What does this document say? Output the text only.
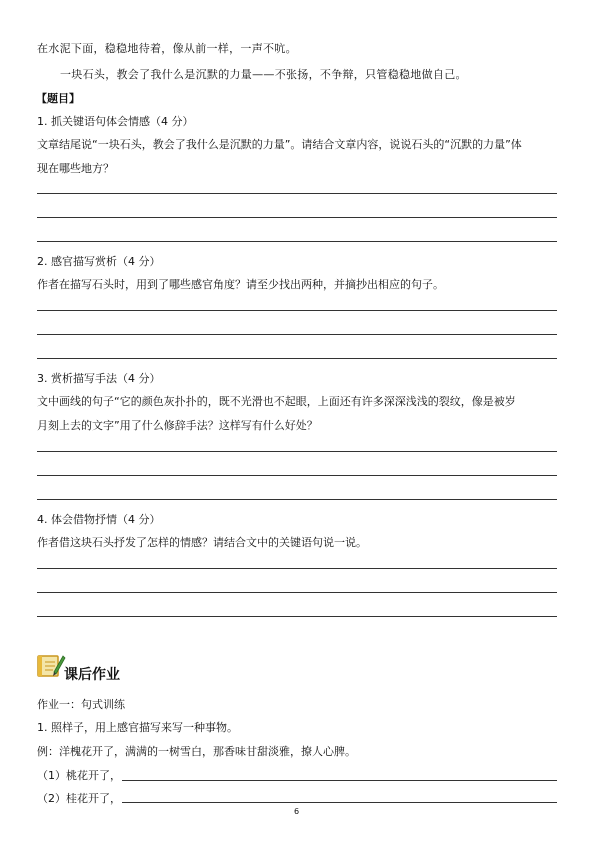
在水泥下面，稳稳地待着，像从前一样，一声不吭。
一块石头，教会了我什么是沉默的力量——不张扬，不争辩，只管稳稳地做自己。
【题目】
1. 抓关键语句体会情感（4 分）
文章结尾说“一块石头，教会了我什么是沉默的力量”。请结合文章内容，说说石头的“沉默的力量”体
现在哪些地方？
2. 感官描写赏析（4 分）
作者在描写石头时，用到了哪些感官角度？请至少找出两种，并摘抄出相应的句子。
3. 赏析描写手法（4 分）
文中画线的句子“它的颜色灰扑扑的，既不光滑也不起眼，上面还有许多深深浅浅的裂纹，像是被岁
月刻上去的文字”用了什么修辞手法？这样写有什么好处？
4. 体会借物抒情（4 分）
作者借这块石头抒发了怎样的情感？请结合文中的关键语句说一说。
课后作业
作业一：句式训练
1. 照样子，用上感官描写来写一种事物。
例：洋槐花开了，满满的一树雪白，那香味甘甜淡雅，撩人心脾。
（1）桃花开了，
（2）桂花开了，
6
